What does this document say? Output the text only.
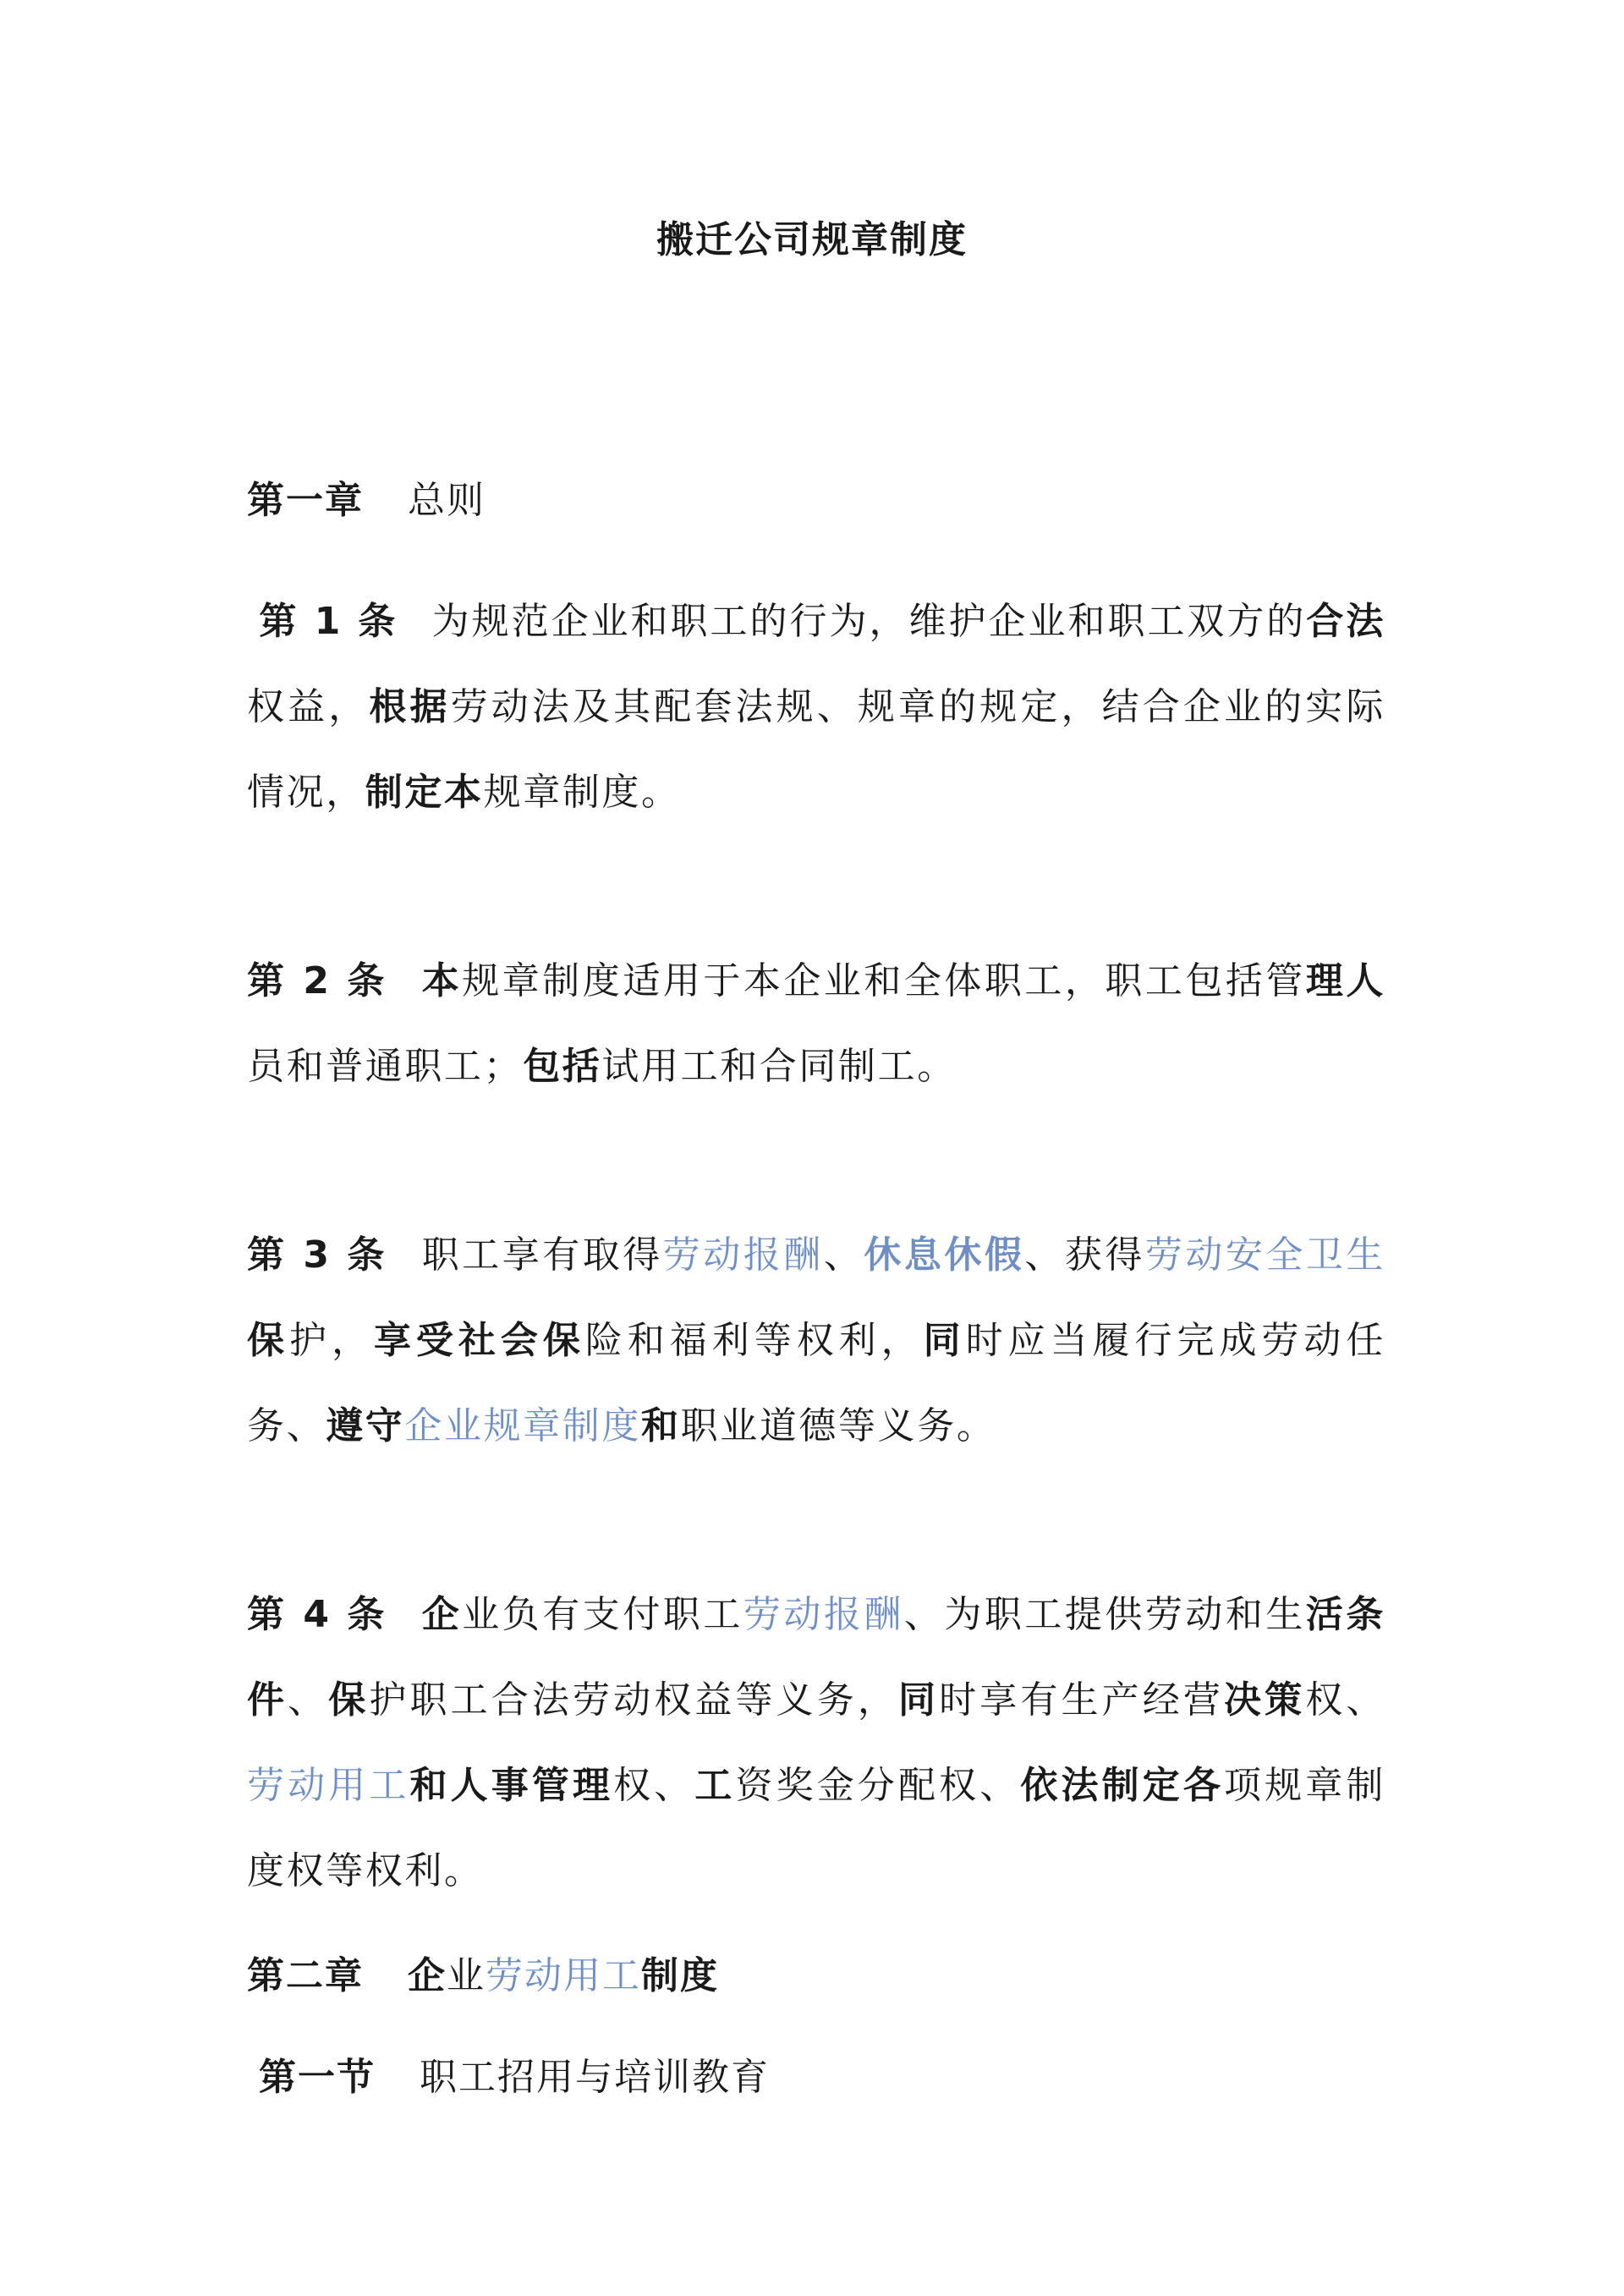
搬迁公司规章制度
第一章 总则
第 1 条 为规范企业和职工的行为，维护企业和职工双方的合法权益，根据劳动法及其配套法规、规章的规定，结合企业的实际情况，制定本规章制度。
第 2 条 本规章制度适用于本企业和全体职工，职工包括管理人员和普通职工；包括试用工和合同制工。
第 3 条 职工享有取得劳动报酬、休息休假、获得劳动安全卫生保护，享受社会保险和福利等权利，同时应当履行完成劳动任务、遵守企业规章制度和职业道德等义务。
第 4 条 企业负有支付职工劳动报酬、为职工提供劳动和生活条件、保护职工合法劳动权益等义务，同时享有生产经营决策权、劳动用工和人事管理权、工资奖金分配权、依法制定各项规章制度权等权利。
第二章 企业劳动用工制度
第一节 职工招用与培训教育
